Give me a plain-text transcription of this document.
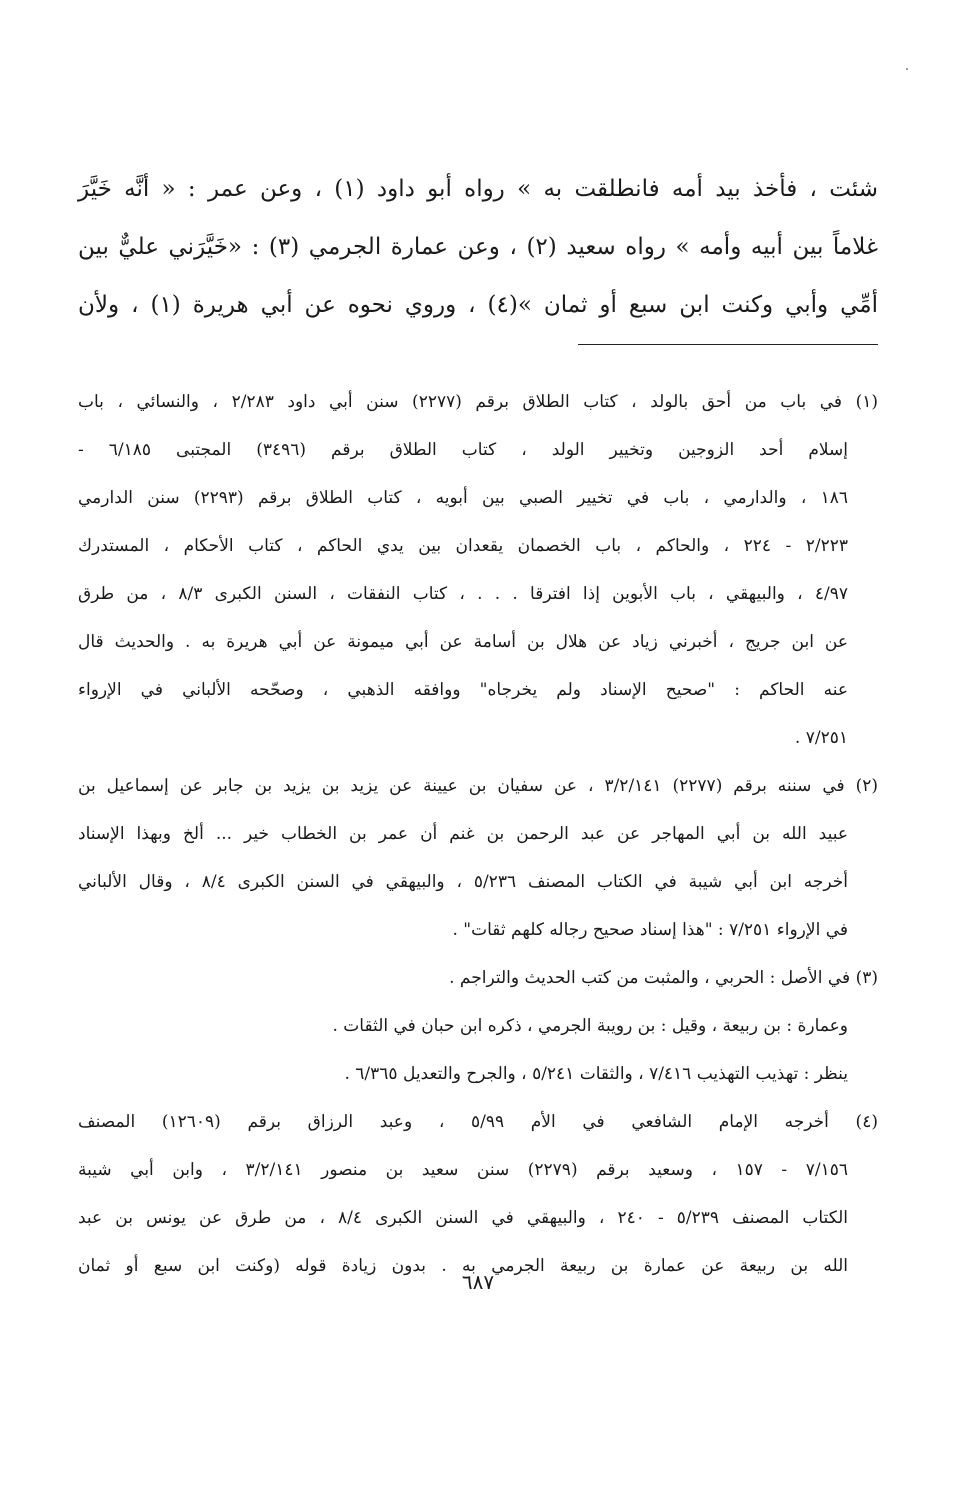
شئت ، فأخذ بيد أمه فانطلقت به » رواه أبو داود (١) ، وعن عمر : « أنَّه خَيَّرَ
غلاماً بين أبيه وأمه » رواه سعيد (٢) ، وعن عمارة الجرمي (٣) : «خَيَّرَني عليٌّ بين
أمِّي وأبي وكنت ابن سبع أو ثمان »(٤) ، وروي نحوه عن أبي هريرة (١) ، ولأن
(١) في باب من أحق بالولد ، كتاب الطلاق برقم (٢٢٧٧) سنن أبي داود ٢/٢٨٣ ، والنسائي ، باب
إسلام أحد الزوجين وتخيير الولد ، كتاب الطلاق برقم (٣٤٩٦) المجتبى ٦/١٨٥ -
١٨٦ ، والدارمي ، باب في تخيير الصبي بين أبويه ، كتاب الطلاق برقم (٢٢٩٣) سنن الدارمي
٢/٢٢٣ - ٢٢٤ ، والحاكم ، باب الخصمان يقعدان بين يدي الحاكم ، كتاب الأحكام ، المستدرك
٤/٩٧ ، والبيهقي ، باب الأبوين إذا افترقا . . . ، كتاب النفقات ، السنن الكبرى ٨/٣ ، من طرق
عن ابن جريج ، أخبرني زياد عن هلال بن أسامة عن أبي ميمونة عن أبي هريرة به . والحديث قال
عنه الحاكم : "صحيح الإسناد ولم يخرجاه" ووافقه الذهبي ، وصحّحه الألباني في الإرواء
٧/٢٥١ .
(٢) في سننه برقم (٢٢٧٧) ٣/٢/١٤١ ، عن سفيان بن عيينة عن يزيد بن يزيد بن جابر عن إسماعيل بن
عبيد الله بن أبي المهاجر عن عبد الرحمن بن غنم أن عمر بن الخطاب خير ... ألخ وبهذا الإسناد
أخرجه ابن أبي شيبة في الكتاب المصنف ٥/٢٣٦ ، والبيهقي في السنن الكبرى ٨/٤ ، وقال الألباني
في الإرواء ٧/٢٥١ : "هذا إسناد صحيح رجاله كلهم ثقات" .
(٣) في الأصل : الحربي ، والمثبت من كتب الحديث والتراجم .
وعمارة : بن ربيعة ، وقيل : بن رويبة الجرمي ، ذكره ابن حبان في الثقات .
ينظر : تهذيب التهذيب ٧/٤١٦ ، والثقات ٥/٢٤١ ، والجرح والتعديل ٦/٣٦٥ .
(٤) أخرجه الإمام الشافعي في الأم ٥/٩٩ ، وعبد الرزاق برقم (١٢٦٠٩) المصنف
٧/١٥٦ - ١٥٧ ، وسعيد برقم (٢٢٧٩) سنن سعيد بن منصور ٣/٢/١٤١ ، وابن أبي شيبة
الكتاب المصنف ٥/٢٣٩ - ٢٤٠ ، والبيهقي في السنن الكبرى ٨/٤ ، من طرق عن يونس بن عبد
الله بن ربيعة عن عمارة بن ربيعة الجرمي به . بدون زيادة قوله (وكنت ابن سبع أو ثمان
٦٨٧
